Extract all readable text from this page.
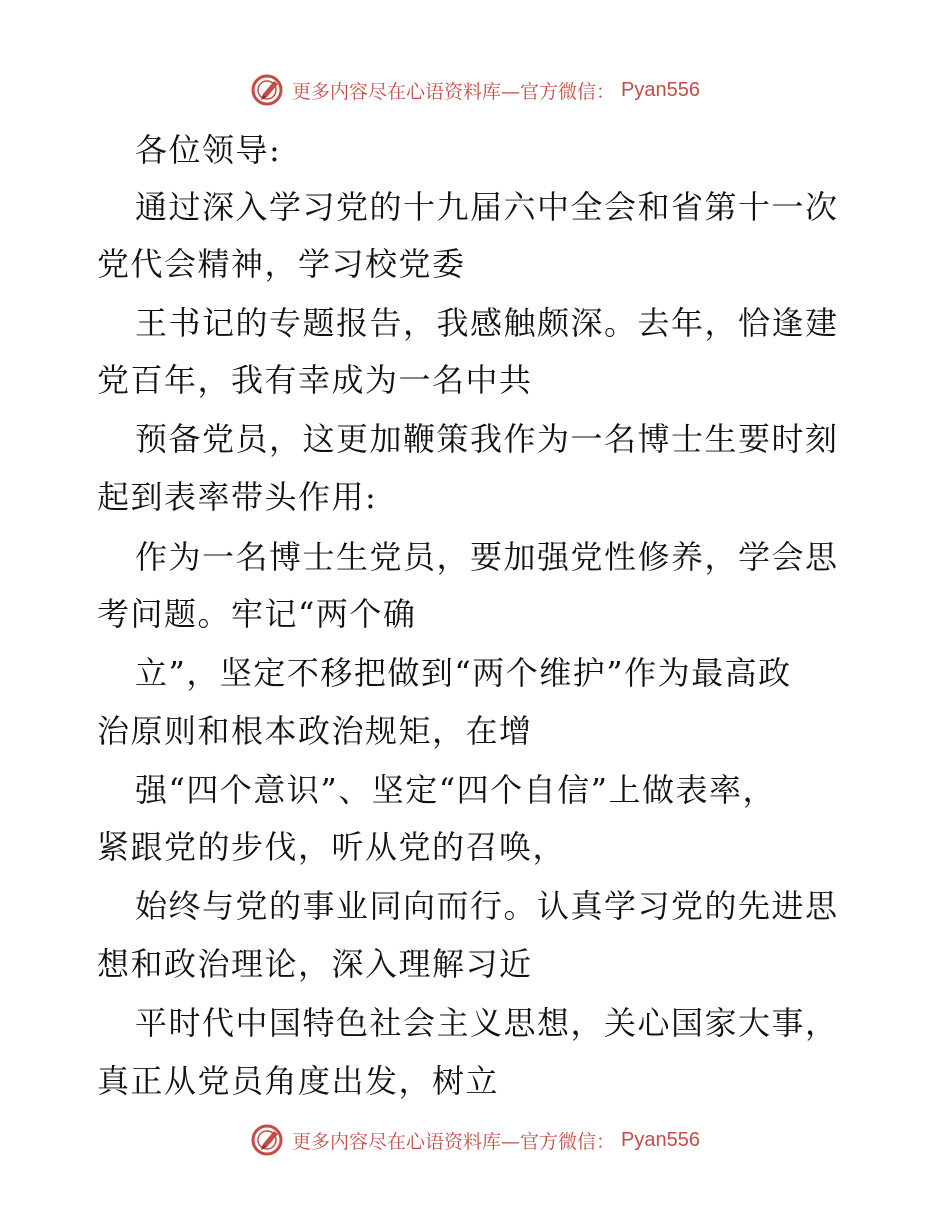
更多内容尽在心语资料库—官方微信： Pyan556
各位领导:
通过深入学习党的十九届六中全会和省第十一次
党代会精神，学习校党委
王书记的专题报告，我感触颇深。去年，恰逢建
党百年，我有幸成为一名中共
预备党员，这更加鞭策我作为一名博士生要时刻
起到表率带头作用:
作为一名博士生党员，要加强党性修养，学会思
考问题。牢记“两个确
立”，坚定不移把做到“两个维护”作为最高政
治原则和根本政治规矩，在增
强“四个意识”、坚定“四个自信”上做表率，
紧跟党的步伐，听从党的召唤，
始终与党的事业同向而行。认真学习党的先进思
想和政治理论，深入理解习近
平时代中国特色社会主义思想，关心国家大事，
真正从党员角度出发，树立
更多内容尽在心语资料库—官方微信： Pyan556
